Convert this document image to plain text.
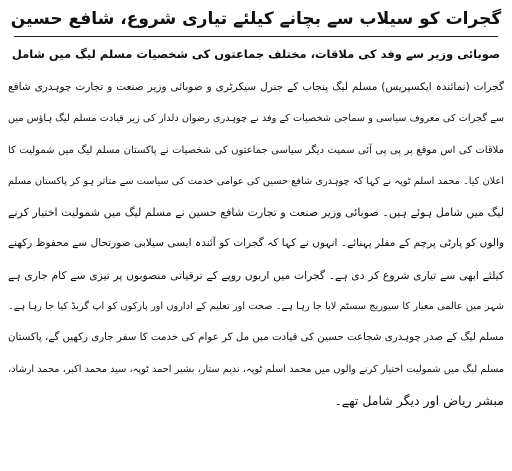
گجرات کو سیلاب سے بچانے کیلئے تیاری شروع، شافع حسین
صوبائی وزیر سے وفد کی ملاقات، مختلف جماعتوں کی شخصیات مسلم لیگ میں شامل
گجرات (نمائندہ ایکسپریس) مسلم لیگ پنجاب کے جنرل سیکرٹری و صوبائی وزیر صنعت و تجارت چوہدری شافع
سے گجرات کی معروف سیاسی و سماجی شخصیات کے وفد نے چوہدری رضوان دلدار کی زیر قیادت مسلم لیگ ہاؤس میں
ملاقات کی اس موقع پر پی پی آئی سمیت دیگر سیاسی جماعتوں کی شخصیات نے پاکستان مسلم لیگ میں شمولیت کا
اعلان کیا۔ محمد اسلم ٹوپہ نے کہا کہ چوہدری شافع حسین کی عوامی خدمت کی سیاست سے متاثر ہو کر پاکستان مسلم
لیگ میں شامل ہوئے ہیں۔ صوبائی وزیر صنعت و تجارت شافع حسین نے مسلم لیگ میں شمولیت اختیار کرنے
والوں کو پارٹی پرچم کے مفلر پہنائے۔ انہوں نے کہا کہ گجرات کو آئندہ ایسی سیلابی صورتحال سے محفوظ رکھنے
کیلئے ابھی سے تیاری شروع کر دی ہے۔ گجرات میں اربوں روپے کے ترقیاتی منصوبوں پر تیزی سے کام جاری ہے
شہر میں عالمی معیار کا سیوریج سسٹم لایا جا رہا ہے۔ صحت اور تعلیم کے اداروں اور پارکوں کو اپ گریڈ کیا جا رہا ہے۔
مسلم لیگ کے صدر چوہدری شجاعت حسین کی قیادت میں مل کر عوام کی خدمت کا سفر جاری رکھیں گے، پاکستان
مسلم لیگ میں شمولیت اختیار کرنے والوں میں محمد اسلم ٹوپہ، ندیم ستار، بشیر احمد ٹوپہ، سید محمد اکبر، محمد ارشاد،
مبشر ریاض اور دیگر شامل تھے۔
